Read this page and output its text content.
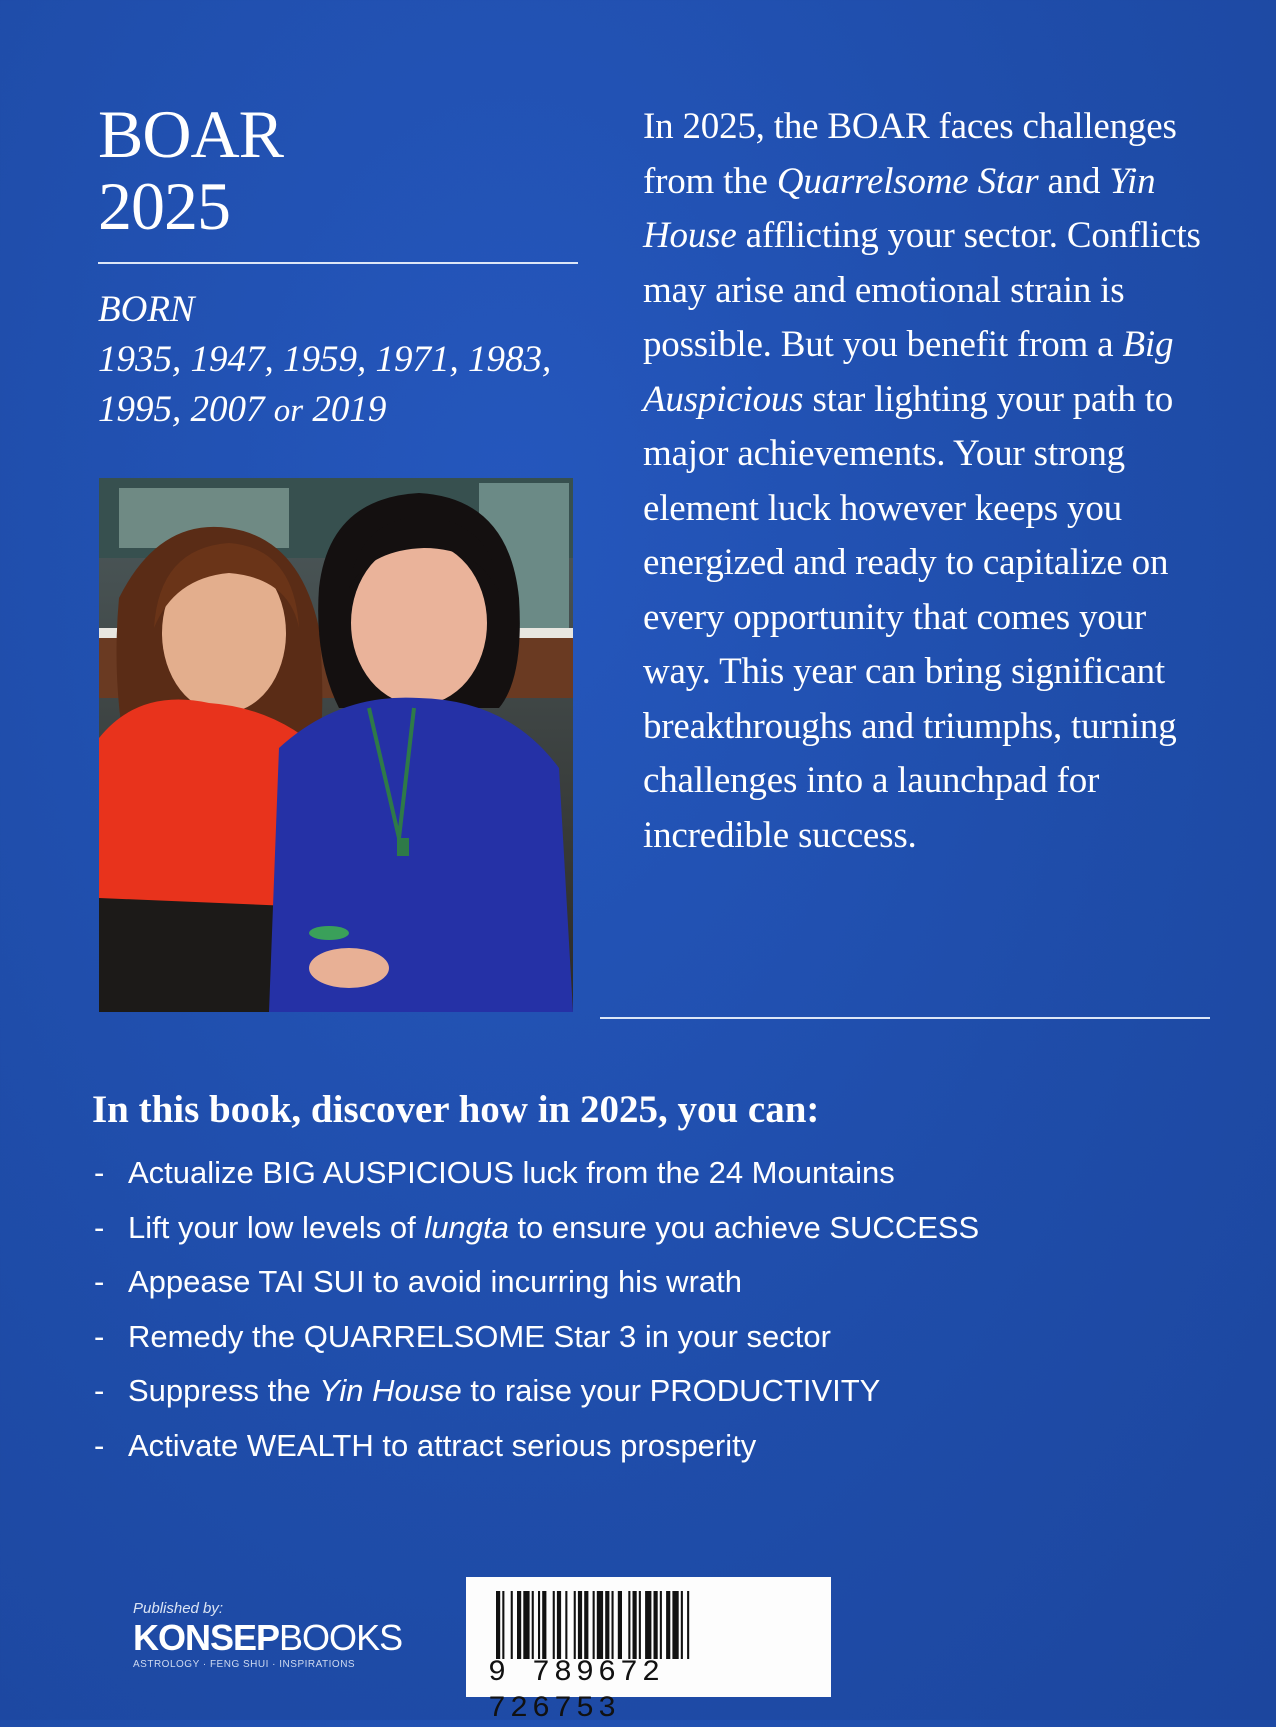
BOAR
2025
BORN
1935, 1947, 1959, 1971, 1983,
1995, 2007 or 2019
In 2025, the BOAR faces challenges from the Quarrelsome Star and Yin House afflicting your sector. Conflicts may arise and emotional strain is possible. But you benefit from a Big Auspicious star lighting your path to major achievements. Your strong element luck however keeps you energized and ready to capitalize on every opportunity that comes your way. This year can bring significant breakthroughs and triumphs, turning challenges into a launchpad for incredible success.
In this book, discover how in 2025, you can:
- Actualize BIG AUSPICIOUS luck from the 24 Mountains
- Lift your low levels of lungta to ensure you achieve SUCCESS
- Appease TAI SUI to avoid incurring his wrath
- Remedy the QUARRELSOME Star 3 in your sector
- Suppress the Yin House to raise your PRODUCTIVITY
- Activate WEALTH to attract serious prosperity
Published by:
KONSEPBOOKS
ASTROLOGY · FENG SHUI · INSPIRATIONS	9 789672 726753
